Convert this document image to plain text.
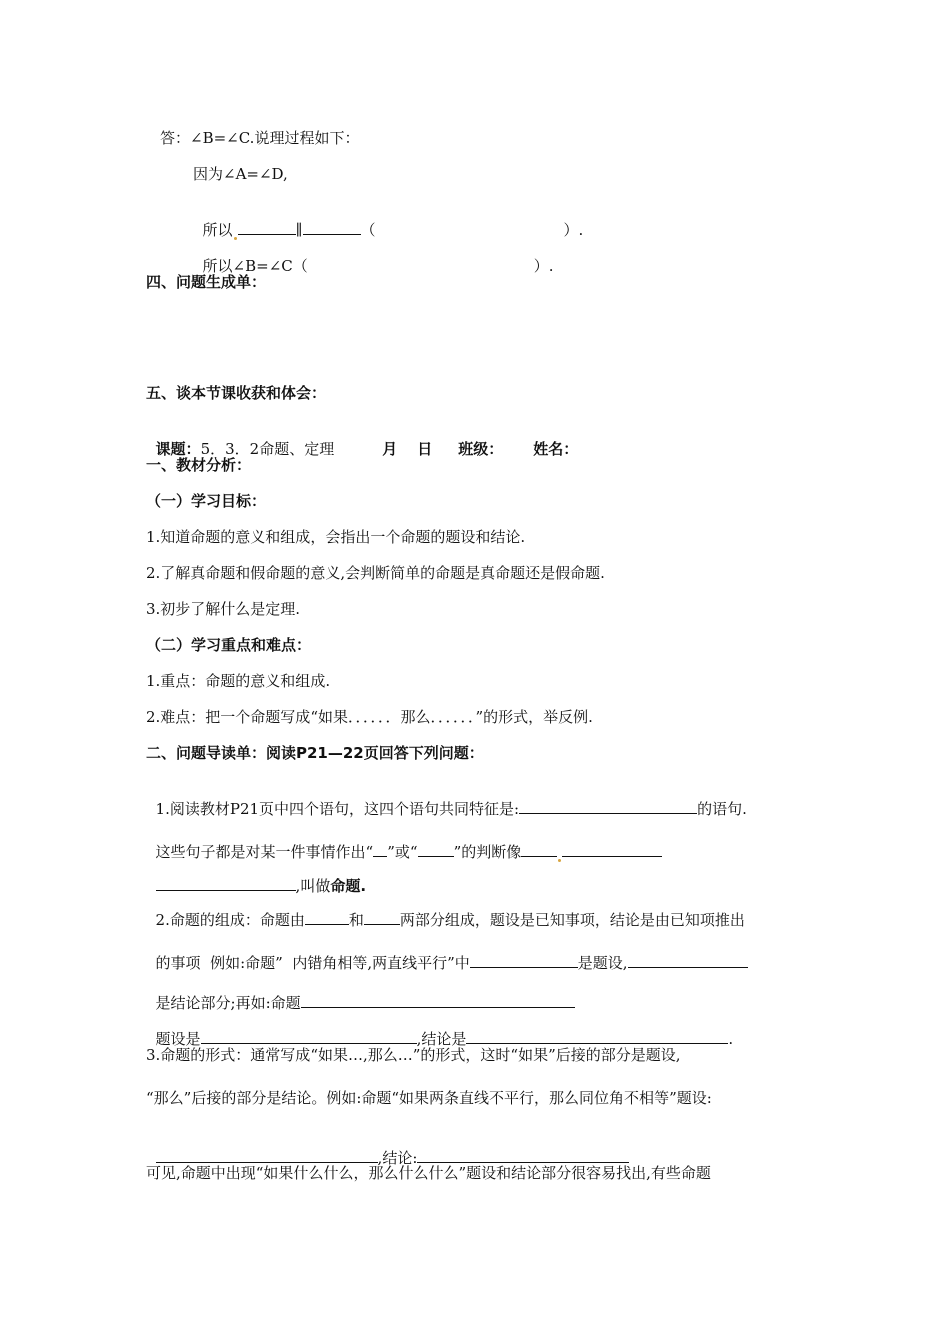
答：∠B=∠C.说理过程如下：
因为∠A=∠D,

所以	∥	（	）.

所以∠B=∠C（	）.

四、问题生成单：
五、谈本节课收获和体会：

课题：5．3．2命题、定理	月 日 班级： 姓名：

一、教材分析：
（一）学习目标：
1.知道命题的意义和组成，会指出一个命题的题设和结论.
2.了解真命题和假命题的意义,会判断简单的命题是真命题还是假命题.
3.初步了解什么是定理.
（二）学习重点和难点：
1.重点：命题的意义和组成.
2.难点：把一个命题写成“如果．．．．．．那么．．．．．．”的形式，举反例.
二、问题导读单：阅读P21—22页回答下列问题：

1.阅读教材P21页中四个语句，这四个语句共同特征是:	的语句.

这些句子都是对某一件事情作出“ ”或“ ”的判断像

,叫做命题.

2.命题的组成：命题由	和 两部分组成，题设是已知事项，结论是由已知项推出

的事项  例如:命题”  内错角相等,两直线平行”中	是题设,

是结论部分;再如:命题

题设是	,结论是	.

3.命题的形式：通常写成“如果…,那么…”的形式，这时“如果”后接的部分是题设,
“那么”后接的部分是结论。例如:命题“如果两条直线不平行，那么同位角不相等”题设:

,结论:

可见,命题中出现“如果什么什么，那么什么什么”题设和结论部分很容易找出,有些命题
